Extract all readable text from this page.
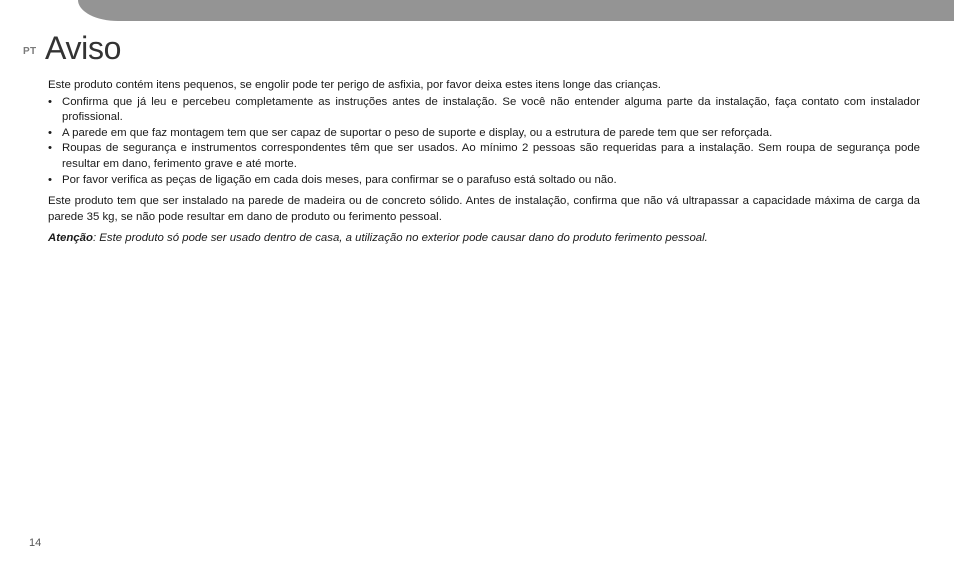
PT Aviso

Este produto contém itens pequenos, se engolir pode ter perigo de asfixia, por favor deixa estes itens longe das crianças.

• Confirma que já leu e percebeu completamente as instruções antes de instalação. Se você não entender alguma parte da instalação, faça contato com instalador profissional.
• A parede em que faz montagem tem que ser capaz de suportar o peso de suporte e display, ou a estrutura de parede tem que ser reforçada.
• Roupas de segurança e instrumentos correspondentes têm que ser usados. Ao mínimo 2 pessoas são requeridas para a instalação. Sem roupa de segurança pode resultar em dano, ferimento grave e até morte.
• Por favor verifica as peças de ligação em cada dois meses, para confirmar se o parafuso está soltado ou não.

Este produto tem que ser instalado na parede de madeira ou de concreto sólido. Antes de instalação, confirma que não vá ultrapassar a capacidade máxima de carga da parede 35 kg, se não pode resultar em dano de produto ou ferimento pessoal.

Atenção: Este produto só pode ser usado dentro de casa, a utilização no exterior pode causar dano do produto ferimento pessoal.

14
